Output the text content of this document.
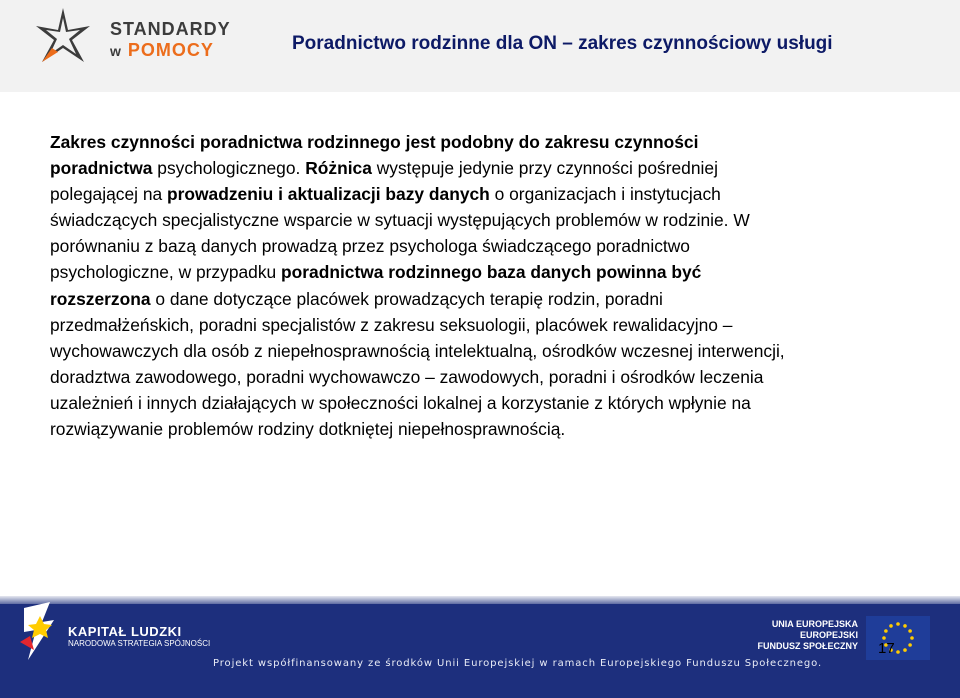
STANDARDY
w POMOCY	Poradnictwo rodzinne dla ON – zakres czynnościowy usługi
Zakres czynności poradnictwa rodzinnego jest podobny do zakresu czynności
poradnictwa psychologicznego. Różnica występuje jedynie przy czynności pośredniej
polegającej na prowadzeniu i aktualizacji bazy danych o organizacjach i instytucjach
świadczących specjalistyczne wsparcie w sytuacji występujących problemów w rodzinie. W
porównaniu z bazą danych prowadzą przez psychologa świadczącego poradnictwo
psychologiczne, w przypadku poradnictwa rodzinnego baza danych powinna być
rozszerzona o dane dotyczące placówek prowadzących terapię rodzin, poradni
przedmałżeńskich, poradni specjalistów z zakresu seksuologii, placówek rewalidacyjno –
wychowawczych dla osób z niepełnosprawnością intelektualną, ośrodków wczesnej interwencji,
doradztwa zawodowego, poradni wychowawczo – zawodowych, poradni i ośrodków leczenia
uzależnień i innych działających w społeczności lokalnej a korzystanie z których wpłynie na
rozwiązywanie problemów rodziny dotkniętej niepełnosprawnością.
KAPITAŁ LUDZKI
NARODOWA STRATEGIA SPÓJNOŚCI
UNIA EUROPEJSKA
EUROPEJSKI
FUNDUSZ SPOŁECZNY
Projekt współfinansowany ze środków Unii Europejskiej w ramach Europejskiego Funduszu Społecznego.
17
